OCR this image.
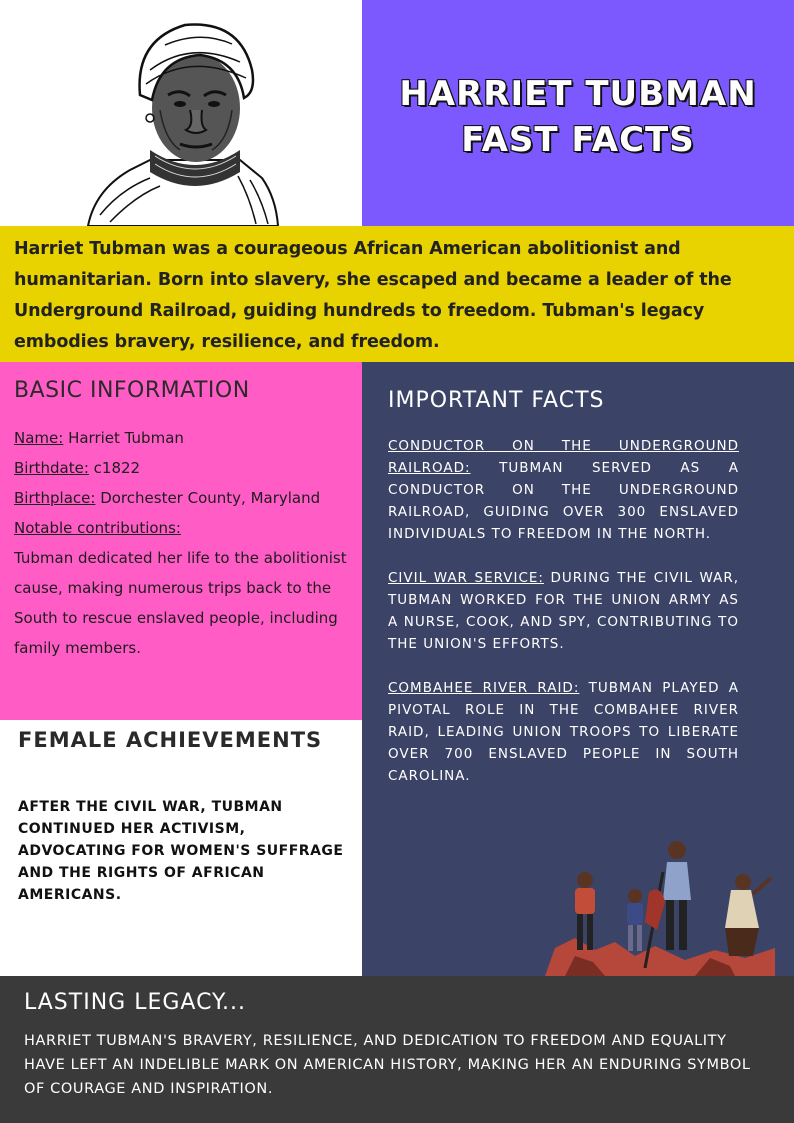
HARRIET TUBMAN
FAST FACTS

Harriet Tubman was a courageous African American abolitionist and humanitarian. Born into slavery, she escaped and became a leader of the Underground Railroad, guiding hundreds to freedom. Tubman's legacy embodies bravery, resilience, and freedom.

BASIC INFORMATION
Name: Harriet Tubman
Birthdate: c1822
Birthplace: Dorchester County, Maryland
Notable contributions:
Tubman dedicated her life to the abolitionist cause, making numerous trips back to the South to rescue enslaved people, including family members.
IMPORTANT FACTS
CONDUCTOR ON THE UNDERGROUND RAILROAD: TUBMAN SERVED AS A CONDUCTOR ON THE UNDERGROUND RAILROAD, GUIDING OVER 300 ENSLAVED INDIVIDUALS TO FREEDOM IN THE NORTH.
CIVIL WAR SERVICE: DURING THE CIVIL WAR, TUBMAN WORKED FOR THE UNION ARMY AS A NURSE, COOK, AND SPY, CONTRIBUTING TO THE UNION'S EFFORTS.
COMBAHEE RIVER RAID: TUBMAN PLAYED A PIVOTAL ROLE IN THE COMBAHEE RIVER RAID, LEADING UNION TROOPS TO LIBERATE OVER 700 ENSLAVED PEOPLE IN SOUTH CAROLINA.
FEMALE ACHIEVEMENTS

AFTER THE CIVIL WAR, TUBMAN CONTINUED HER ACTIVISM, ADVOCATING FOR WOMEN'S SUFFRAGE AND THE RIGHTS OF AFRICAN AMERICANS.

LASTING LEGACY...

HARRIET TUBMAN'S BRAVERY, RESILIENCE, AND DEDICATION TO FREEDOM AND EQUALITY HAVE LEFT AN INDELIBLE MARK ON AMERICAN HISTORY, MAKING HER AN ENDURING SYMBOL OF COURAGE AND INSPIRATION.
